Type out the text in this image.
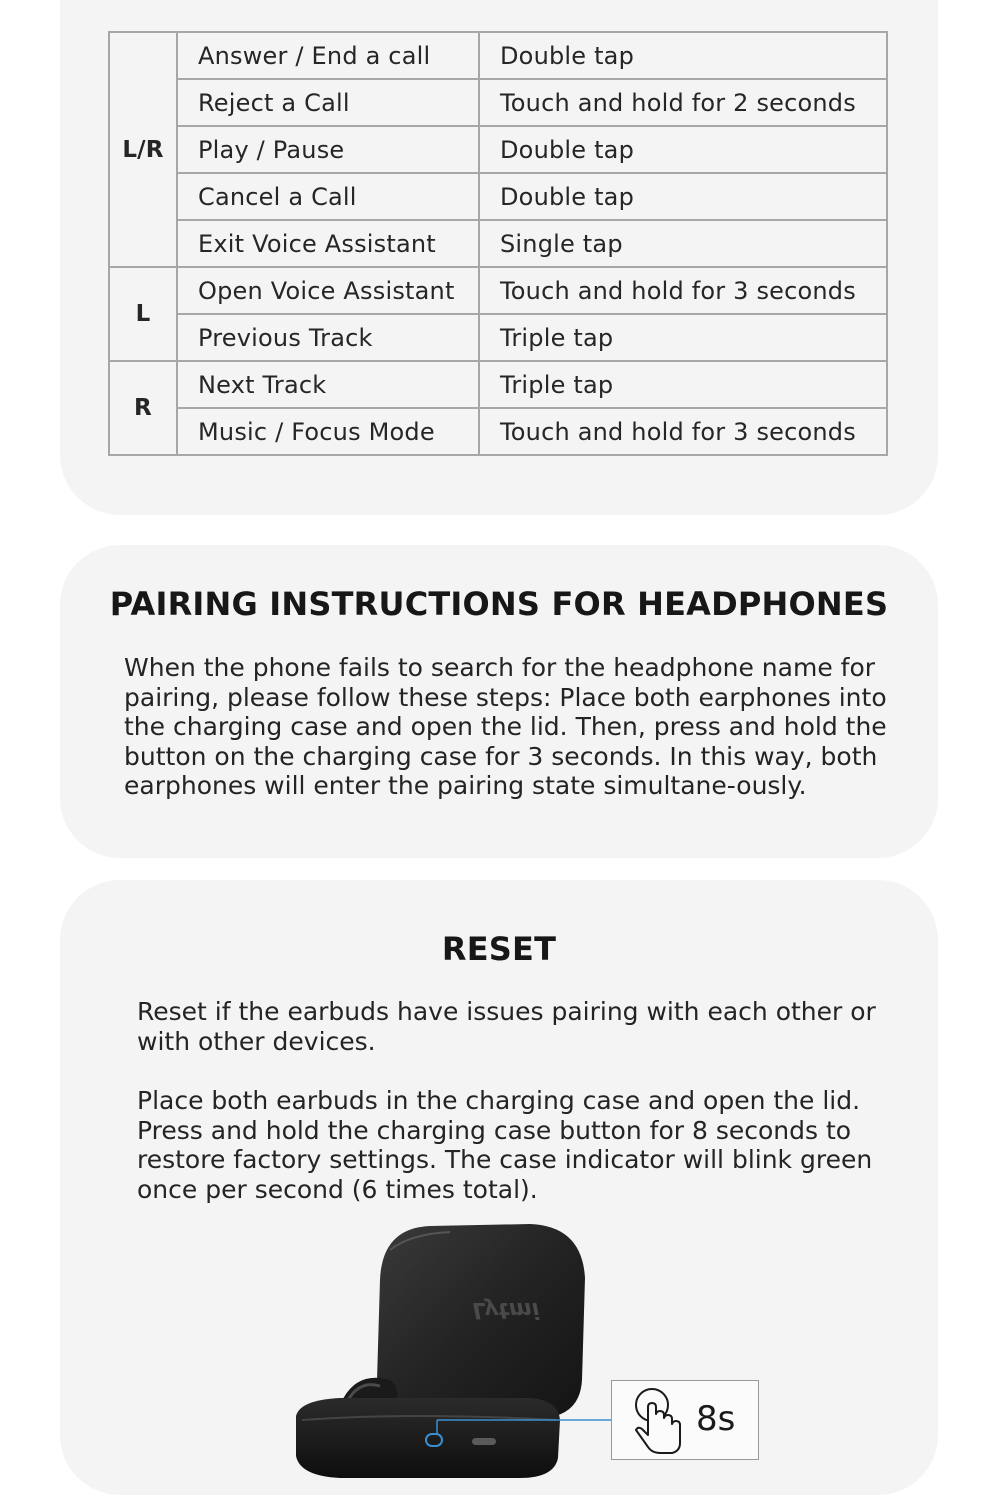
L/R	Answer / End a call	Double tap
	Reject a Call	Touch and hold for 2 seconds
	Play / Pause	Double tap
	Cancel a Call	Double tap
	Exit Voice Assistant	Single tap
L	Open Voice Assistant	Touch and hold for 3 seconds
	Previous Track	Triple tap
R	Next Track	Triple tap
	Music / Focus Mode	Touch and hold for 3 seconds
PAIRING INSTRUCTIONS FOR HEADPHONES
When the phone fails to search for the headphone name for pairing, please follow these steps: Place both earphones into the charging case and open the lid. Then, press and hold the button on the charging case for 3 seconds. In this way, both earphones will enter the pairing state simultane-ously.
RESET
Reset if the earbuds have issues pairing with each other or with other devices.
Place both earbuds in the charging case and open the lid. Press and hold the charging case button for 8 seconds to restore factory settings. The case indicator will blink green once per second (6 times total).
Lytmi
8s
